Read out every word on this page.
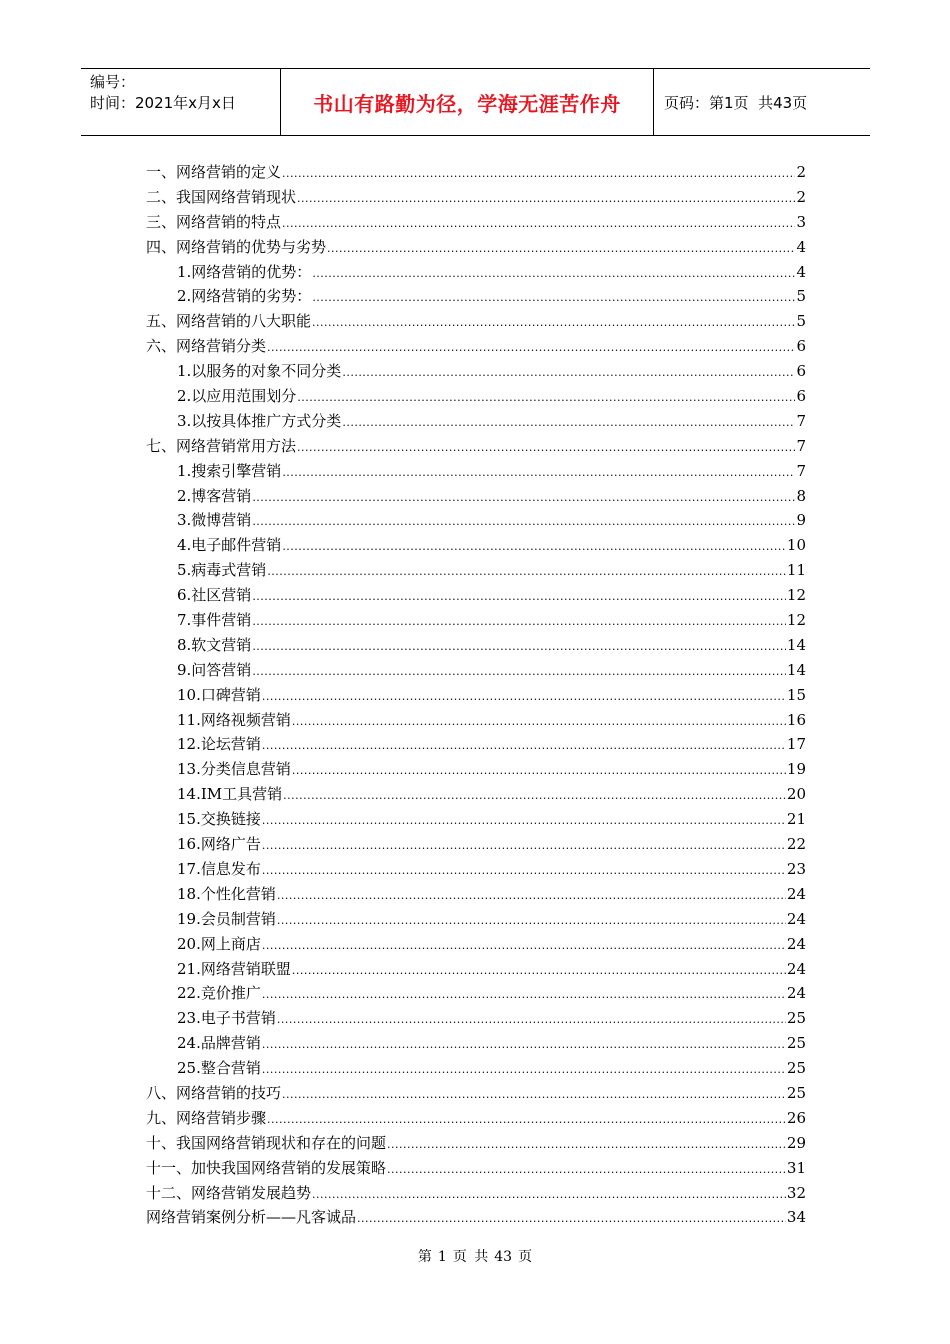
编号：
时间：2021年x月x日	书山有路勤为径，学海无涯苦作舟	页码：第1页  共43页
一、网络营销的定义 .....	2
二、我国网络营销现状 .....	2
三、网络营销的特点 .....	3
四、网络营销的优势与劣势 .....	4
1.网络营销的优势： .....	4
2.网络营销的劣势： .....	5
五、网络营销的八大职能 .....	5
六、网络营销分类 .....	6
1.以服务的对象不同分类 .....	6
2.以应用范围划分 .....	6
3.以按具体推广方式分类 .....	7
七、网络营销常用方法 .....	7
1.搜索引擎营销 .....	7
2.博客营销 .....	8
3.微博营销 .....	9
4.电子邮件营销 .....	10
5.病毒式营销 .....	11
6.社区营销 .....	12
7.事件营销 .....	12
8.软文营销 .....	14
9.问答营销 .....	14
10.口碑营销 .....	15
11.网络视频营销 .....	16
12.论坛营销 .....	17
13.分类信息营销 .....	19
14.IM工具营销 .....	20
15.交换链接 .....	21
16.网络广告 .....	22
17.信息发布 .....	23
18.个性化营销 .....	24
19.会员制营销 .....	24
20.网上商店 .....	24
21.网络营销联盟 .....	24
22.竞价推广 .....	24
23.电子书营销 .....	25
24.品牌营销 .....	25
25.整合营销 .....	25
八、网络营销的技巧 .....	25
九、网络营销步骤 .....	26
十、我国网络营销现状和存在的问题 .....	29
十一、加快我国网络营销的发展策略 .....	31
十二、网络营销发展趋势 .....	32
网络营销案例分析——凡客诚品 .....	34
第 1 页 共 43 页
